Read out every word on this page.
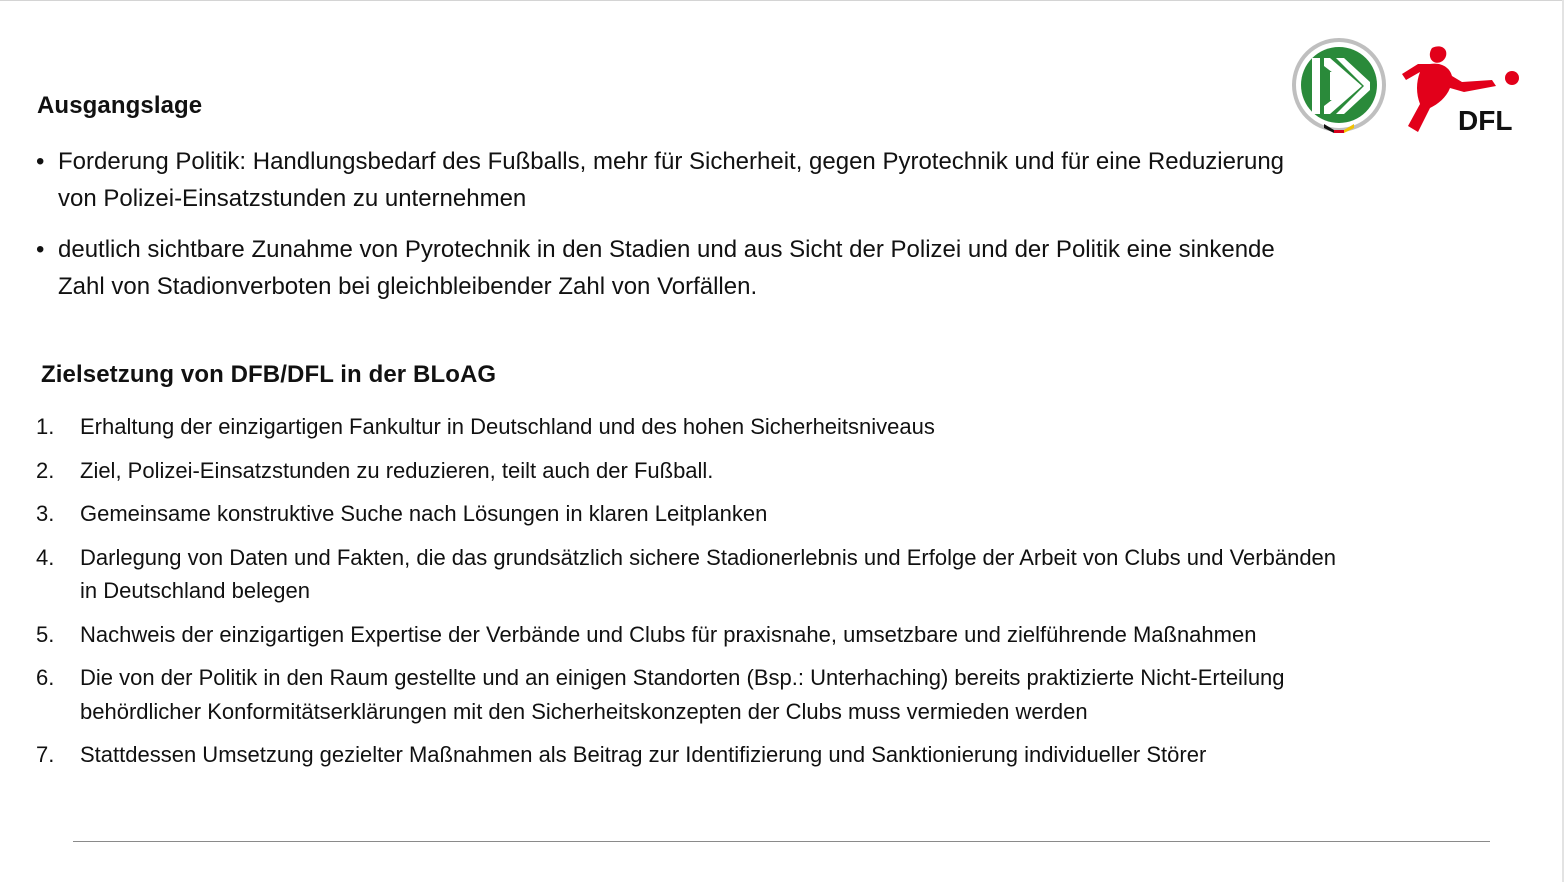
DFL
Ausgangslage
• Forderung Politik: Handlungsbedarf des Fußballs, mehr für Sicherheit, gegen Pyrotechnik und für eine Reduzierung von Polizei-Einsatzstunden zu unternehmen
• deutlich sichtbare Zunahme von Pyrotechnik in den Stadien und aus Sicht der Polizei und der Politik eine sinkende Zahl von Stadionverboten bei gleichbleibender Zahl von Vorfällen.
Zielsetzung von DFB/DFL in der BLoAG
1. Erhaltung der einzigartigen Fankultur in Deutschland und des hohen Sicherheitsniveaus
2. Ziel, Polizei-Einsatzstunden zu reduzieren, teilt auch der Fußball.
3. Gemeinsame konstruktive Suche nach Lösungen in klaren Leitplanken
4. Darlegung von Daten und Fakten, die das grundsätzlich sichere Stadionerlebnis und Erfolge der Arbeit von Clubs und Verbänden in Deutschland belegen
5. Nachweis der einzigartigen Expertise der Verbände und Clubs für praxisnahe, umsetzbare und zielführende Maßnahmen
6. Die von der Politik in den Raum gestellte und an einigen Standorten (Bsp.: Unterhaching) bereits praktizierte Nicht-Erteilung behördlicher Konformitätserklärungen mit den Sicherheitskonzepten der Clubs muss vermieden werden
7. Stattdessen Umsetzung gezielter Maßnahmen als Beitrag zur Identifizierung und Sanktionierung individueller Störer
